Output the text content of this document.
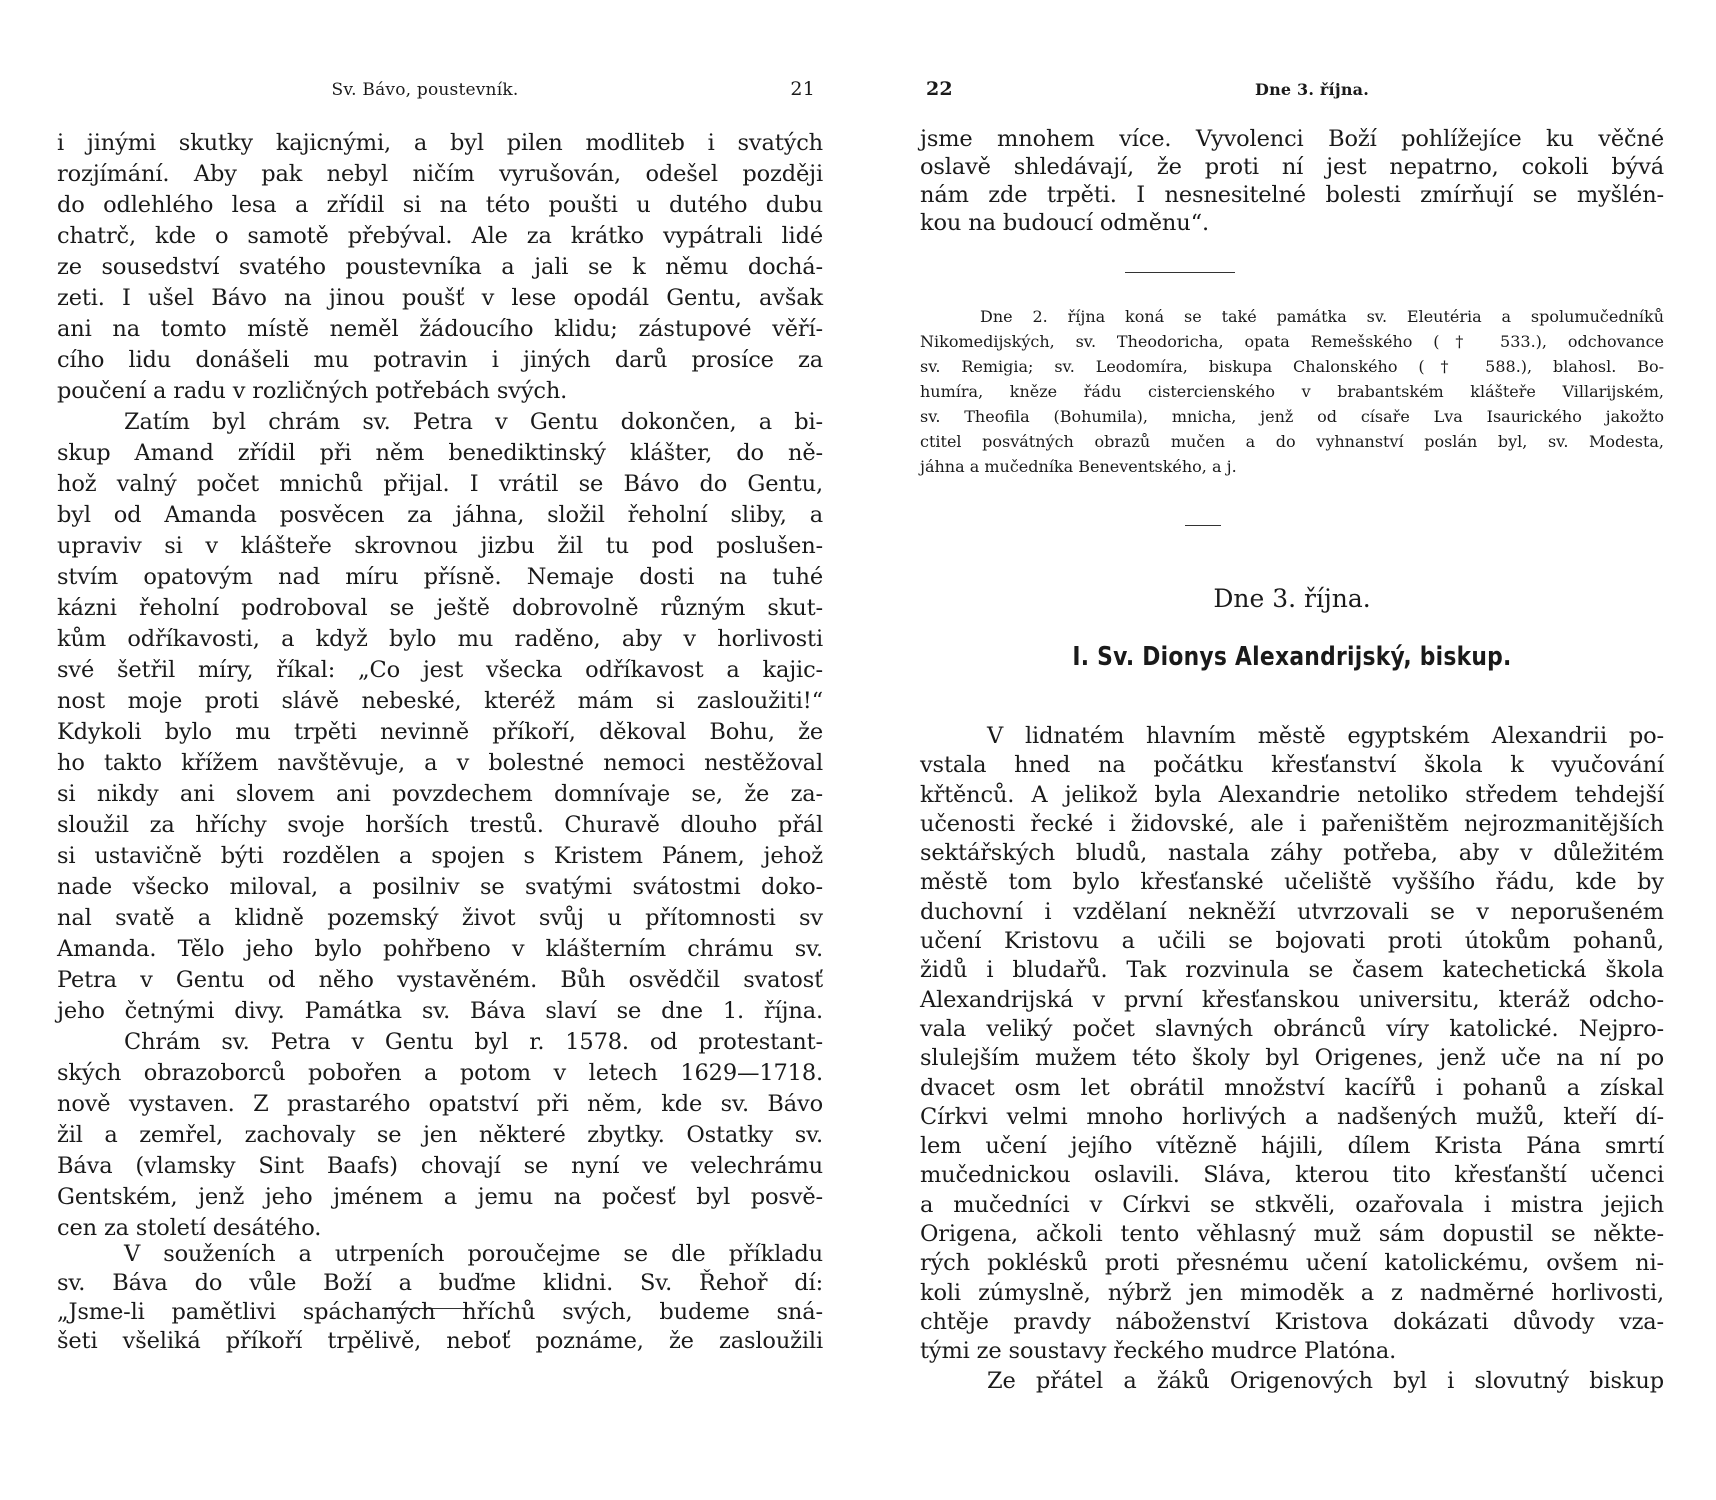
Sv. Bávo, poustevník.	21
i jinými skutky kajicnými, a byl pilen modliteb i svatých
rozjímání. Aby pak nebyl ničím vyrušován, odešel později
do odlehlého lesa a zřídil si na této poušti u dutého dubu
chatrč, kde o samotě přebýval. Ale za krátko vypátrali lidé
ze sousedství svatého poustevníka a jali se k němu dochá-
zeti. I ušel Bávo na jinou poušť v lese opodál Gentu, avšak
ani na tomto místě neměl žádoucího klidu; zástupové věří-
cího lidu donášeli mu potravin i jiných darů prosíce za
poučení a radu v rozličných potřebách svých.
Zatím byl chrám sv. Petra v Gentu dokončen, a bi-
skup Amand zřídil při něm benediktinský klášter, do ně-
hož valný počet mnichů přijal. I vrátil se Bávo do Gentu,
byl od Amanda posvěcen za jáhna, složil řeholní sliby, a
upraviv si v klášteře skrovnou jizbu žil tu pod poslušen-
stvím opatovým nad míru přísně. Nemaje dosti na tuhé
kázni řeholní podroboval se ještě dobrovolně různým skut-
kům odříkavosti, a když bylo mu raděno, aby v horlivosti
své šetřil míry, říkal: „Co jest všecka odříkavost a kajic-
nost moje proti slávě nebeské, kteréž mám si zasloužiti!“
Kdykoli bylo mu trpěti nevinně příkoří, děkoval Bohu, že
ho takto křížem navštěvuje, a v bolestné nemoci nestěžoval
si nikdy ani slovem ani povzdechem domnívaje se, že za-
sloužil za hříchy svoje horších trestů. Churavě dlouho přál
si ustavičně býti rozdělen a spojen s Kristem Pánem, jehož
nade všecko miloval, a posilniv se svatými svátostmi doko-
nal svatě a klidně pozemský život svůj u přítomnosti sv
Amanda. Tělo jeho bylo pohřbeno v klášterním chrámu sv.
Petra v Gentu od něho vystavěném. Bůh osvědčil svatosť
jeho četnými divy. Památka sv. Báva slaví se dne 1. října.
Chrám sv. Petra v Gentu byl r. 1578. od protestant-
ských obrazoborců pobořen a potom v letech 1629—1718.
nově vystaven. Z prastarého opatství při něm, kde sv. Bávo
žil a zemřel, zachovaly se jen některé zbytky. Ostatky sv.
Báva (vlamsky Sint Baafs) chovají se nyní ve velechrámu
Gentském, jenž jeho jménem a jemu na počesť byl posvě-
cen za století desátého.
V souženích a utrpeních poroučejme se dle příkladu
sv. Báva do vůle Boží a buďme klidni. Sv. Řehoř dí:
„Jsme-li pamětlivi spáchaných hříchů svých, budeme sná-
šeti všeliká příkoří trpělivě, neboť poznáme, že zasloužili
22	Dne 3. října.
jsme mnohem více. Vyvolenci Boží pohlížejíce ku věčné
oslavě shledávají, že proti ní jest nepatrno, cokoli bývá
nám zde trpěti. I nesnesitelné bolesti zmírňují se myšlén-
kou na budoucí odměnu“.
Dne 2. října koná se také památka sv. Eleutéria a spolumučedníků
Nikomedijských, sv. Theodoricha, opata Remešského († 533.), odchovance
sv. Remigia; sv. Leodomíra, biskupa Chalonského († 588.), blahosl. Bo-
humíra, kněze řádu cisterciensk​ého v brabantském klášteře Villarijském,
sv. Theofila (Bohumila), mnicha, jenž od císaře Lva Isaurického jakožto
ctitel posvátných obrazů mučen a do vyhnanství poslán byl, sv. Modesta,
jáhna a mučedníka Beneventského, a j.
Dne 3. října.
I. Sv. Dionys Alexandrijský, biskup.
V lidnatém hlavním městě egyptském Alexandrii po-
vstala hned na počátku křesťanství škola k vyučování
křtěnců. A jelikož byla Alexandrie netoliko středem tehdejší
učenosti řecké i židovské, ale i pařeništěm nejrozmanitějších
sektářských bludů, nastala záhy potřeba, aby v důležitém
městě tom bylo křesťanské učeliště vyššího řádu, kde by
duchovní i vzdělaní nekněží utvrzovali se v neporušeném
učení Kristovu a učili se bojovati proti útokům pohanů,
židů i bludařů. Tak rozvinula se časem katechetická škola
Alexandrijská v první křesťanskou universitu, kteráž odcho-
vala veliký počet slavných obránců víry katolické. Nejpro-
slulejším mužem této školy byl Origenes, jenž uče na ní po
dvacet osm let obrátil množství kacířů i pohanů a získal
Církvi velmi mnoho horlivých a nadšených mužů, kteří dí-
lem učení jejího vítězně hájili, dílem Krista Pána smrtí
mučednickou oslavili. Sláva, kterou tito křesťanští učenci
a mučedníci v Církvi se stkvěli, ozařovala i mistra jejich
Origena, ačkoli tento věhlasný muž sám dopustil se někte-
rých poklésků proti přesnému učení katolickému, ovšem ni-
koli zúmyslně, nýbrž jen mimoděk a z nadměrné horlivosti,
chtěje pravdy náboženství Kristova dokázati důvody vza-
tými ze soustavy řeckého mudrce Platóna.
Ze přátel a žáků Origenových byl i slovutný biskup
